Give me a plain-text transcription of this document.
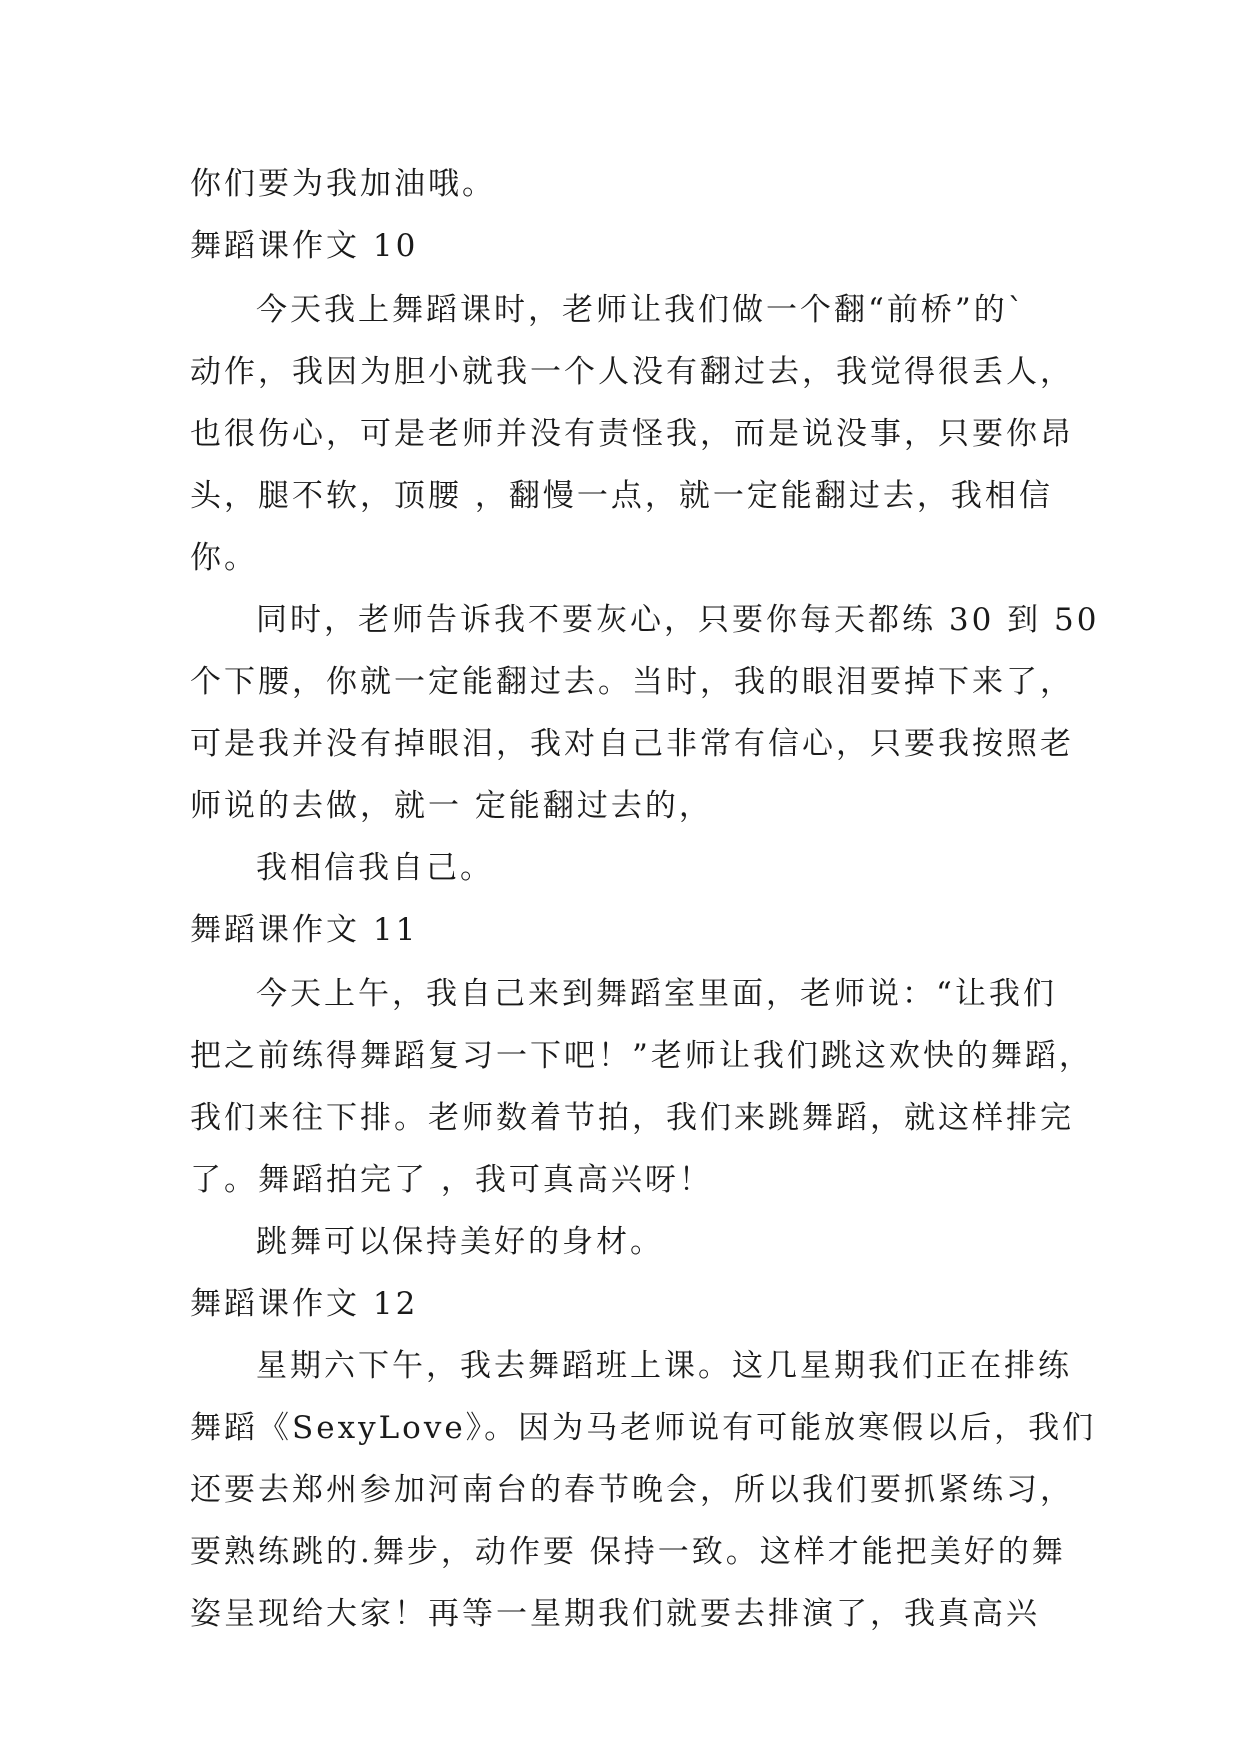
你们要为我加油哦。
舞蹈课作文 10
今天我上舞蹈课时，老师让我们做一个翻“前桥”的`
动作，我因为胆小就我一个人没有翻过去，我觉得很丢人，
也很伤心，可是老师并没有责怪我，而是说没事，只要你昂
头，腿不软，顶腰 ，翻慢一点，就一定能翻过去，我相信
你。
同时，老师告诉我不要灰心，只要你每天都练 30 到 50
个下腰，你就一定能翻过去。当时，我的眼泪要掉下来了，
可是我并没有掉眼泪，我对自己非常有信心，只要我按照老
师说的去做，就一 定能翻过去的，
我相信我自己。
舞蹈课作文 11
今天上午，我自己来到舞蹈室里面，老师说：“让我们
把之前练得舞蹈复习一下吧！”老师让我们跳这欢快的舞蹈，
我们来往下排。老师数着节拍，我们来跳舞蹈，就这样排完
了。舞蹈拍完了 ，我可真高兴呀！
跳舞可以保持美好的身材。
舞蹈课作文 12
星期六下午，我去舞蹈班上课。这几星期我们正在排练
舞蹈《SexyLove》。因为马老师说有可能放寒假以后，我们
还要去郑州参加河南台的春节晚会，所以我们要抓紧练习，
要熟练跳的.舞步，动作要 保持一致。这样才能把美好的舞
姿呈现给大家！再等一星期我们就要去排演了，我真高兴
